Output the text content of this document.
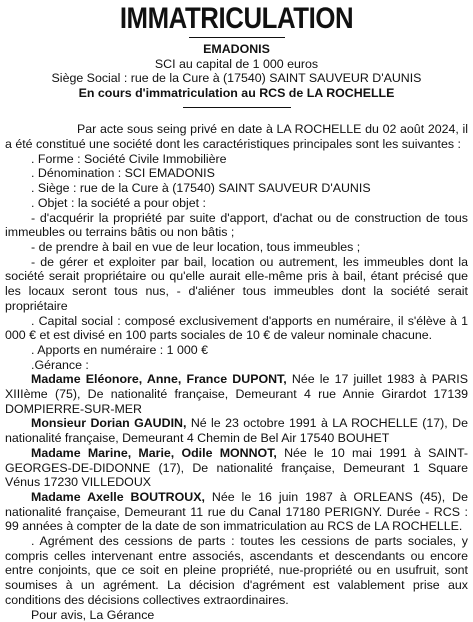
IMMATRICULATION
EMADONIS
SCI au capital de 1 000 euros
Siège Social : rue de la Cure à (17540) SAINT SAUVEUR D'AUNIS
En cours d'immatriculation au RCS de LA ROCHELLE

Par acte sous seing privé en date à LA ROCHELLE du 02 août 2024, il a été constitué une société dont les caractéristiques principales sont les suivantes :

. Forme : Société Civile Immobilière

. Dénomination : SCI EMADONIS

. Siège : rue de la Cure à (17540) SAINT SAUVEUR D'AUNIS

. Objet : la société a pour objet :

- d'acquérir la propriété par suite d'apport, d'achat ou de construction de tous immeubles ou terrains bâtis ou non bâtis ;

- de prendre à bail en vue de leur location, tous immeubles ;

- de gérer et exploiter par bail, location ou autrement, les immeubles dont la société serait propriétaire ou qu'elle aurait elle-même pris à bail, étant précisé que les locaux seront tous nus, - d'aliéner tous immeubles dont la société serait propriétaire

. Capital social : composé exclusivement d'apports en numéraire, il s'élève à 1 000 € et est divisé en 100 parts sociales de 10 € de valeur nominale chacune.

. Apports en numéraire : 1 000 €

.Gérance :

Madame Eléonore, Anne, France DUPONT, Née le 17 juillet 1983 à PARIS XIIIème (75), De nationalité française, Demeurant 4 rue Annie Girardot 17139 DOMPIERRE-SUR-MER

Monsieur Dorian GAUDIN, Né le 23 octobre 1991 à LA ROCHELLE (17), De nationalité française, Demeurant 4 Chemin de Bel Air 17540 BOUHET

Madame Marine, Marie, Odile MONNOT, Née le 10 mai 1991 à SAINT-GEORGES-DE-DIDONNE (17), De nationalité française, Demeurant 1 Square Vénus 17230 VILLEDOUX

Madame Axelle BOUTROUX, Née le 16 juin 1987 à ORLEANS (45), De nationalité française, Demeurant 11 rue du Canal 17180 PERIGNY. Durée - RCS : 99 années à compter de la date de son immatriculation au RCS de LA ROCHELLE.

. Agrément des cessions de parts : toutes les cessions de parts sociales, y compris celles intervenant entre associés, ascendants et descendants ou encore entre conjoints, que ce soit en pleine propriété, nue-propriété ou en usufruit, sont soumises à un agrément. La décision d'agrément est valablement prise aux conditions des décisions collectives extraordinaires.

Pour avis, La Gérance
